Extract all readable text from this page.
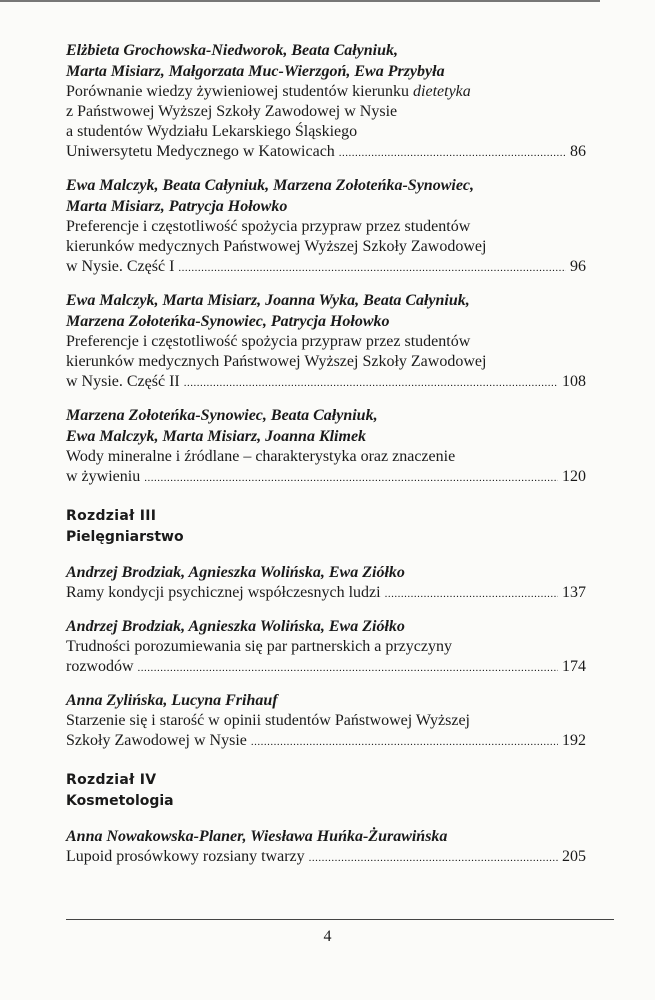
Elżbieta Grochowska-Niedworok, Beata Całyniuk,
Marta Misiarz, Małgorzata Muc-Wierzgoń, Ewa Przybyła
Porównanie wiedzy żywieniowej studentów kierunku dietetyka
z Państwowej Wyższej Szkoły Zawodowej w Nysie
a studentów Wydziału Lekarskiego Śląskiego
Uniwersytetu Medycznego w Katowicach .....	86
Ewa Malczyk, Beata Całyniuk, Marzena Zołoteńka-Synowiec,
Marta Misiarz, Patrycja Hołowko
Preferencje i częstotliwość spożycia przypraw przez studentów
kierunków medycznych Państwowej Wyższej Szkoły Zawodowej
w Nysie. Część I .....	96
Ewa Malczyk, Marta Misiarz, Joanna Wyka, Beata Całyniuk,
Marzena Zołoteńka-Synowiec, Patrycja Hołowko
Preferencje i częstotliwość spożycia przypraw przez studentów
kierunków medycznych Państwowej Wyższej Szkoły Zawodowej
w Nysie. Część II .....	108
Marzena Zołoteńka-Synowiec, Beata Całyniuk,
Ewa Malczyk, Marta Misiarz, Joanna Klimek
Wody mineralne i źródlane – charakterystyka oraz znaczenie
w żywieniu .....	120
Rozdział III
Pielęgniarstwo
Andrzej Brodziak, Agnieszka Wolińska, Ewa Ziółko
Ramy kondycji psychicznej współczesnych ludzi .....	137
Andrzej Brodziak, Agnieszka Wolińska, Ewa Ziółko
Trudności porozumiewania się par partnerskich a przyczyny
rozwodów .....	174
Anna Zylińska, Lucyna Frihauf
Starzenie się i starość w opinii studentów Państwowej Wyższej
Szkoły Zawodowej w Nysie .....	192
Rozdział IV
Kosmetologia
Anna Nowakowska-Planer, Wiesława Huńka-Żurawińska
Lupoid prosówkowy rozsiany twarzy .....	205
4
